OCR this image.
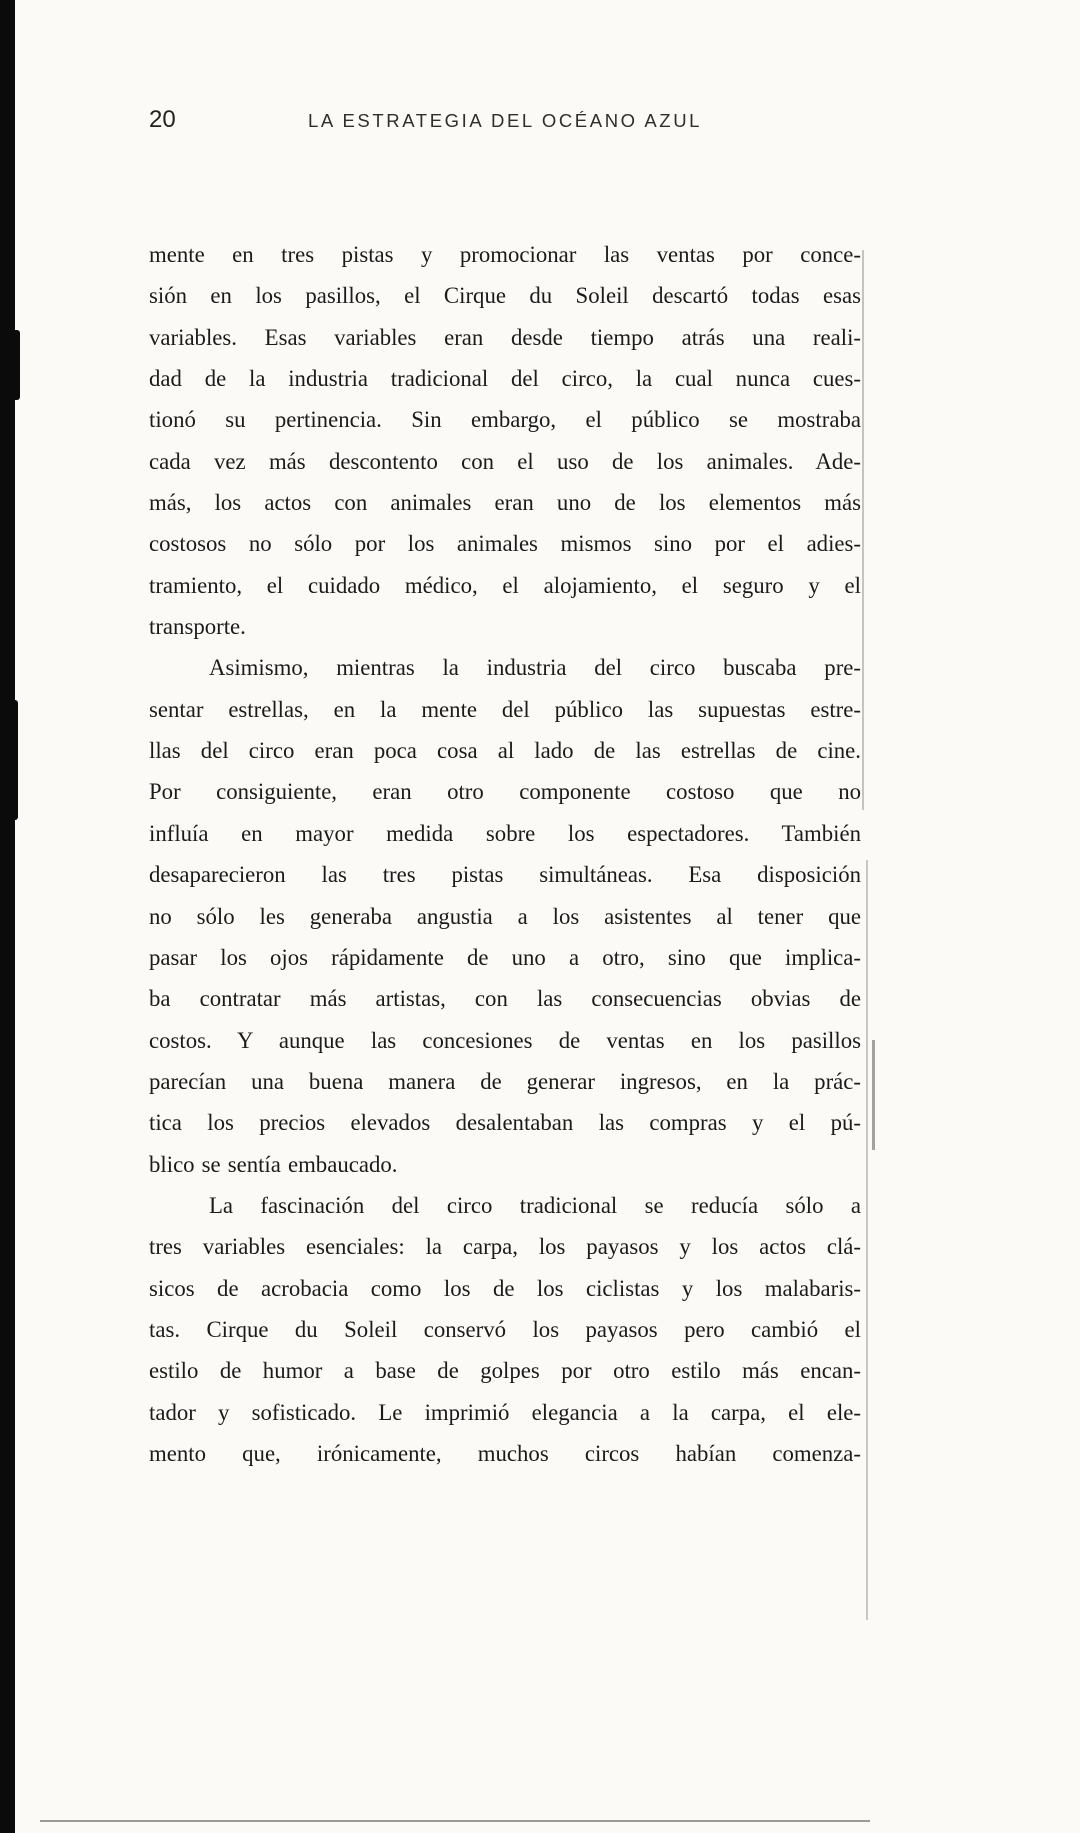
20	LA ESTRATEGIA DEL OCÉANO AZUL
mente en tres pistas y promocionar las ventas por conce-
sión en los pasillos, el Cirque du Soleil descartó todas esas
variables. Esas variables eran desde tiempo atrás una reali-
dad de la industria tradicional del circo, la cual nunca cues-
tionó su pertinencia. Sin embargo, el público se mostraba
cada vez más descontento con el uso de los animales. Ade-
más, los actos con animales eran uno de los elementos más
costosos no sólo por los animales mismos sino por el adies-
tramiento, el cuidado médico, el alojamiento, el seguro y el
transporte.
Asimismo, mientras la industria del circo buscaba pre-
sentar estrellas, en la mente del público las supuestas estre-
llas del circo eran poca cosa al lado de las estrellas de cine.
Por consiguiente, eran otro componente costoso que no
influía en mayor medida sobre los espectadores. También
desaparecieron las tres pistas simultáneas. Esa disposición
no sólo les generaba angustia a los asistentes al tener que
pasar los ojos rápidamente de uno a otro, sino que implica-
ba contratar más artistas, con las consecuencias obvias de
costos. Y aunque las concesiones de ventas en los pasillos
parecían una buena manera de generar ingresos, en la prác-
tica los precios elevados desalentaban las compras y el pú-
blico se sentía embaucado.
La fascinación del circo tradicional se reducía sólo a
tres variables esenciales: la carpa, los payasos y los actos clá-
sicos de acrobacia como los de los ciclistas y los malabaris-
tas. Cirque du Soleil conservó los payasos pero cambió el
estilo de humor a base de golpes por otro estilo más encan-
tador y sofisticado. Le imprimió elegancia a la carpa, el ele-
mento que, irónicamente, muchos circos habían comenza-
